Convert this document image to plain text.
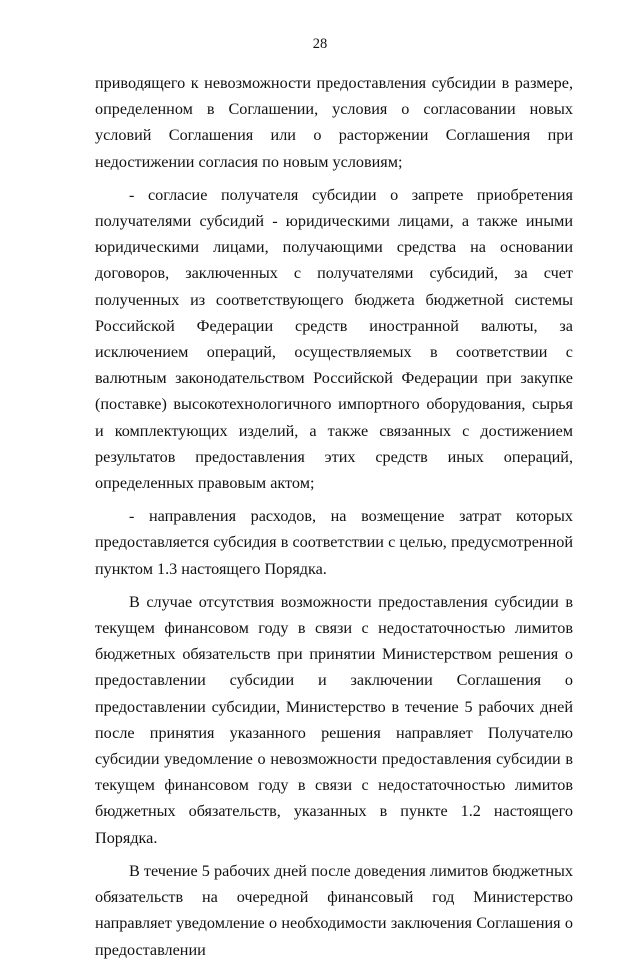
28

приводящего к невозможности предоставления субсидии в размере, определенном в Соглашении, условия о согласовании новых условий Соглашения или о расторжении Соглашения при недостижении согласия по новым условиям;

- согласие получателя субсидии о запрете приобретения получателями субсидий - юридическими лицами, а также иными юридическими лицами, получающими средства на основании договоров, заключенных с получателями субсидий, за счет полученных из соответствующего бюджета бюджетной системы Российской Федерации средств иностранной валюты, за исключением операций, осуществляемых в соответствии с валютным законодательством Российской Федерации при закупке (поставке) высокотехнологичного импортного оборудования, сырья и комплектующих изделий, а также связанных с достижением результатов предоставления этих средств иных операций, определенных правовым актом;

- направления расходов, на возмещение затрат которых предоставляется субсидия в соответствии с целью, предусмотренной пунктом 1.3 настоящего Порядка.

В случае отсутствия возможности предоставления субсидии в текущем финансовом году в связи с недостаточностью лимитов бюджетных обязательств при принятии Министерством решения о предоставлении субсидии и заключении Соглашения о предоставлении субсидии, Министерство в течение 5 рабочих дней после принятия указанного решения направляет Получателю субсидии уведомление о невозможности предоставления субсидии в текущем финансовом году в связи с недостаточностью лимитов бюджетных обязательств, указанных в пункте 1.2 настоящего Порядка.

В течение 5 рабочих дней после доведения лимитов бюджетных обязательств на очередной финансовый год Министерство направляет уведомление о необходимости заключения Соглашения о предоставлении
